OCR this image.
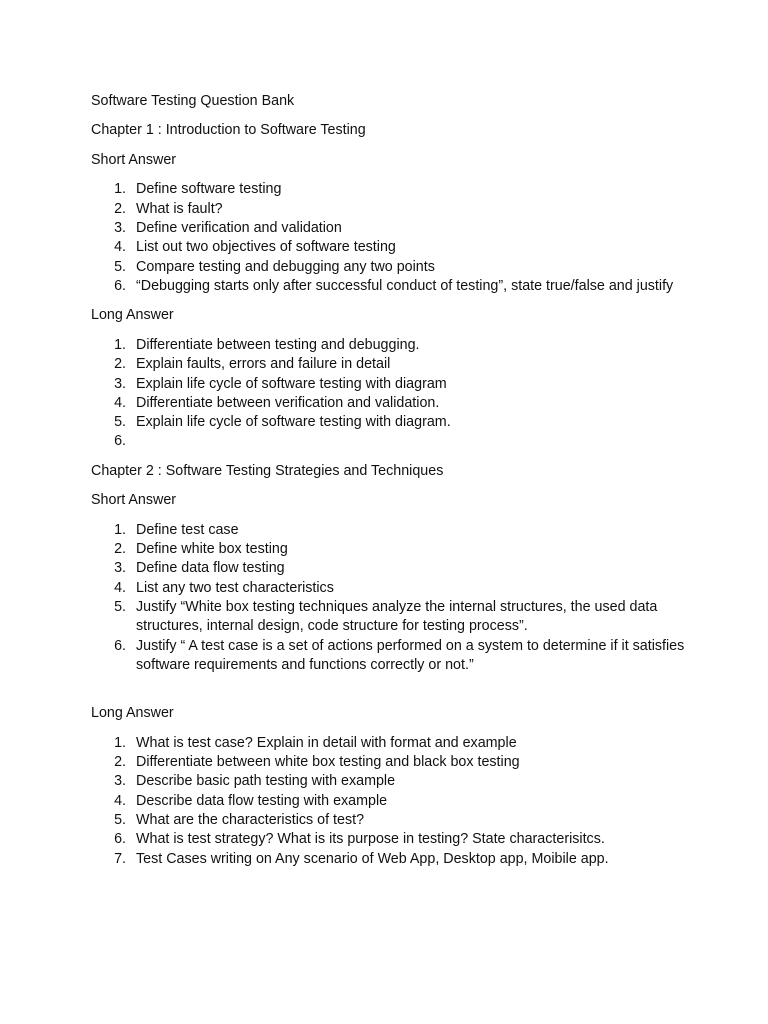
Software Testing Question Bank

Chapter 1 : Introduction to Software Testing

Short Answer

1. Define software testing
2. What is fault?
3. Define verification and validation
4. List out two objectives of software testing
5. Compare testing and debugging any two points
6. “Debugging starts only after successful conduct of testing”, state true/false and justify

Long Answer

1. Differentiate between testing and debugging.
2. Explain faults, errors and failure in detail
3. Explain life cycle of software testing with diagram
4. Differentiate between verification and validation.
5. Explain life cycle of software testing with diagram.
6.

Chapter 2 : Software Testing Strategies and Techniques

Short Answer

1. Define test case
2. Define white box testing
3. Define data flow testing
4. List any two test characteristics
5. Justify “White box testing techniques analyze the internal structures, the used data structures, internal design, code structure for testing process”.
6. Justify “ A test case is a set of actions performed on a system to determine if it satisfies software requirements and functions correctly or not.”

Long Answer

1. What is test case? Explain in detail with format and example
2. Differentiate between white box testing and black box testing
3. Describe basic path testing with example
4. Describe data flow testing with example
5. What are the characteristics of test?
6. What is test strategy? What is its purpose in testing? State characterisitcs.
7. Test Cases writing on Any scenario of Web App, Desktop app, Moibile app.
